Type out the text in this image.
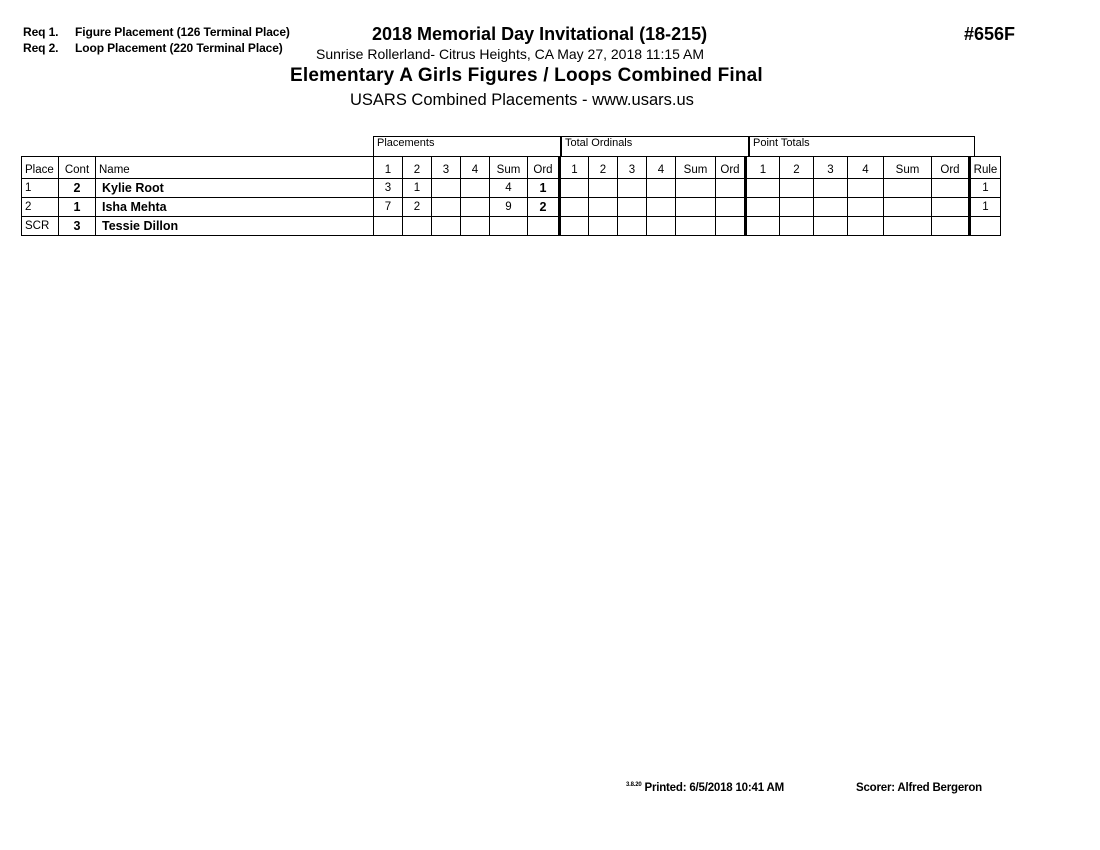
Req 1. Figure Placement (126 Terminal Place)
Req 2. Loop Placement (220 Terminal Place)
2018 Memorial Day Invitational (18-215)
Sunrise Rollerland- Citrus Heights, CA May 27, 2018 11:15 AM
Elementary A Girls Figures / Loops Combined Final
USARS Combined Placements - www.usars.us
#656F
Placements	Total Ordinals	Point Totals
Place	Cont	Name	1	2	3	4	Sum	Ord	1	2	3	4	Sum	Ord	1	2	3	4	Sum	Ord	Rule
1	2	Kylie Root	3	1			4	1													1
2	1	Isha Mehta	7	2			9	2													1
SCR	3	Tessie Dillon																			
$^{3.8.20}$ Printed: 6/5/2018 10:41 AM	Scorer: Alfred Bergeron
